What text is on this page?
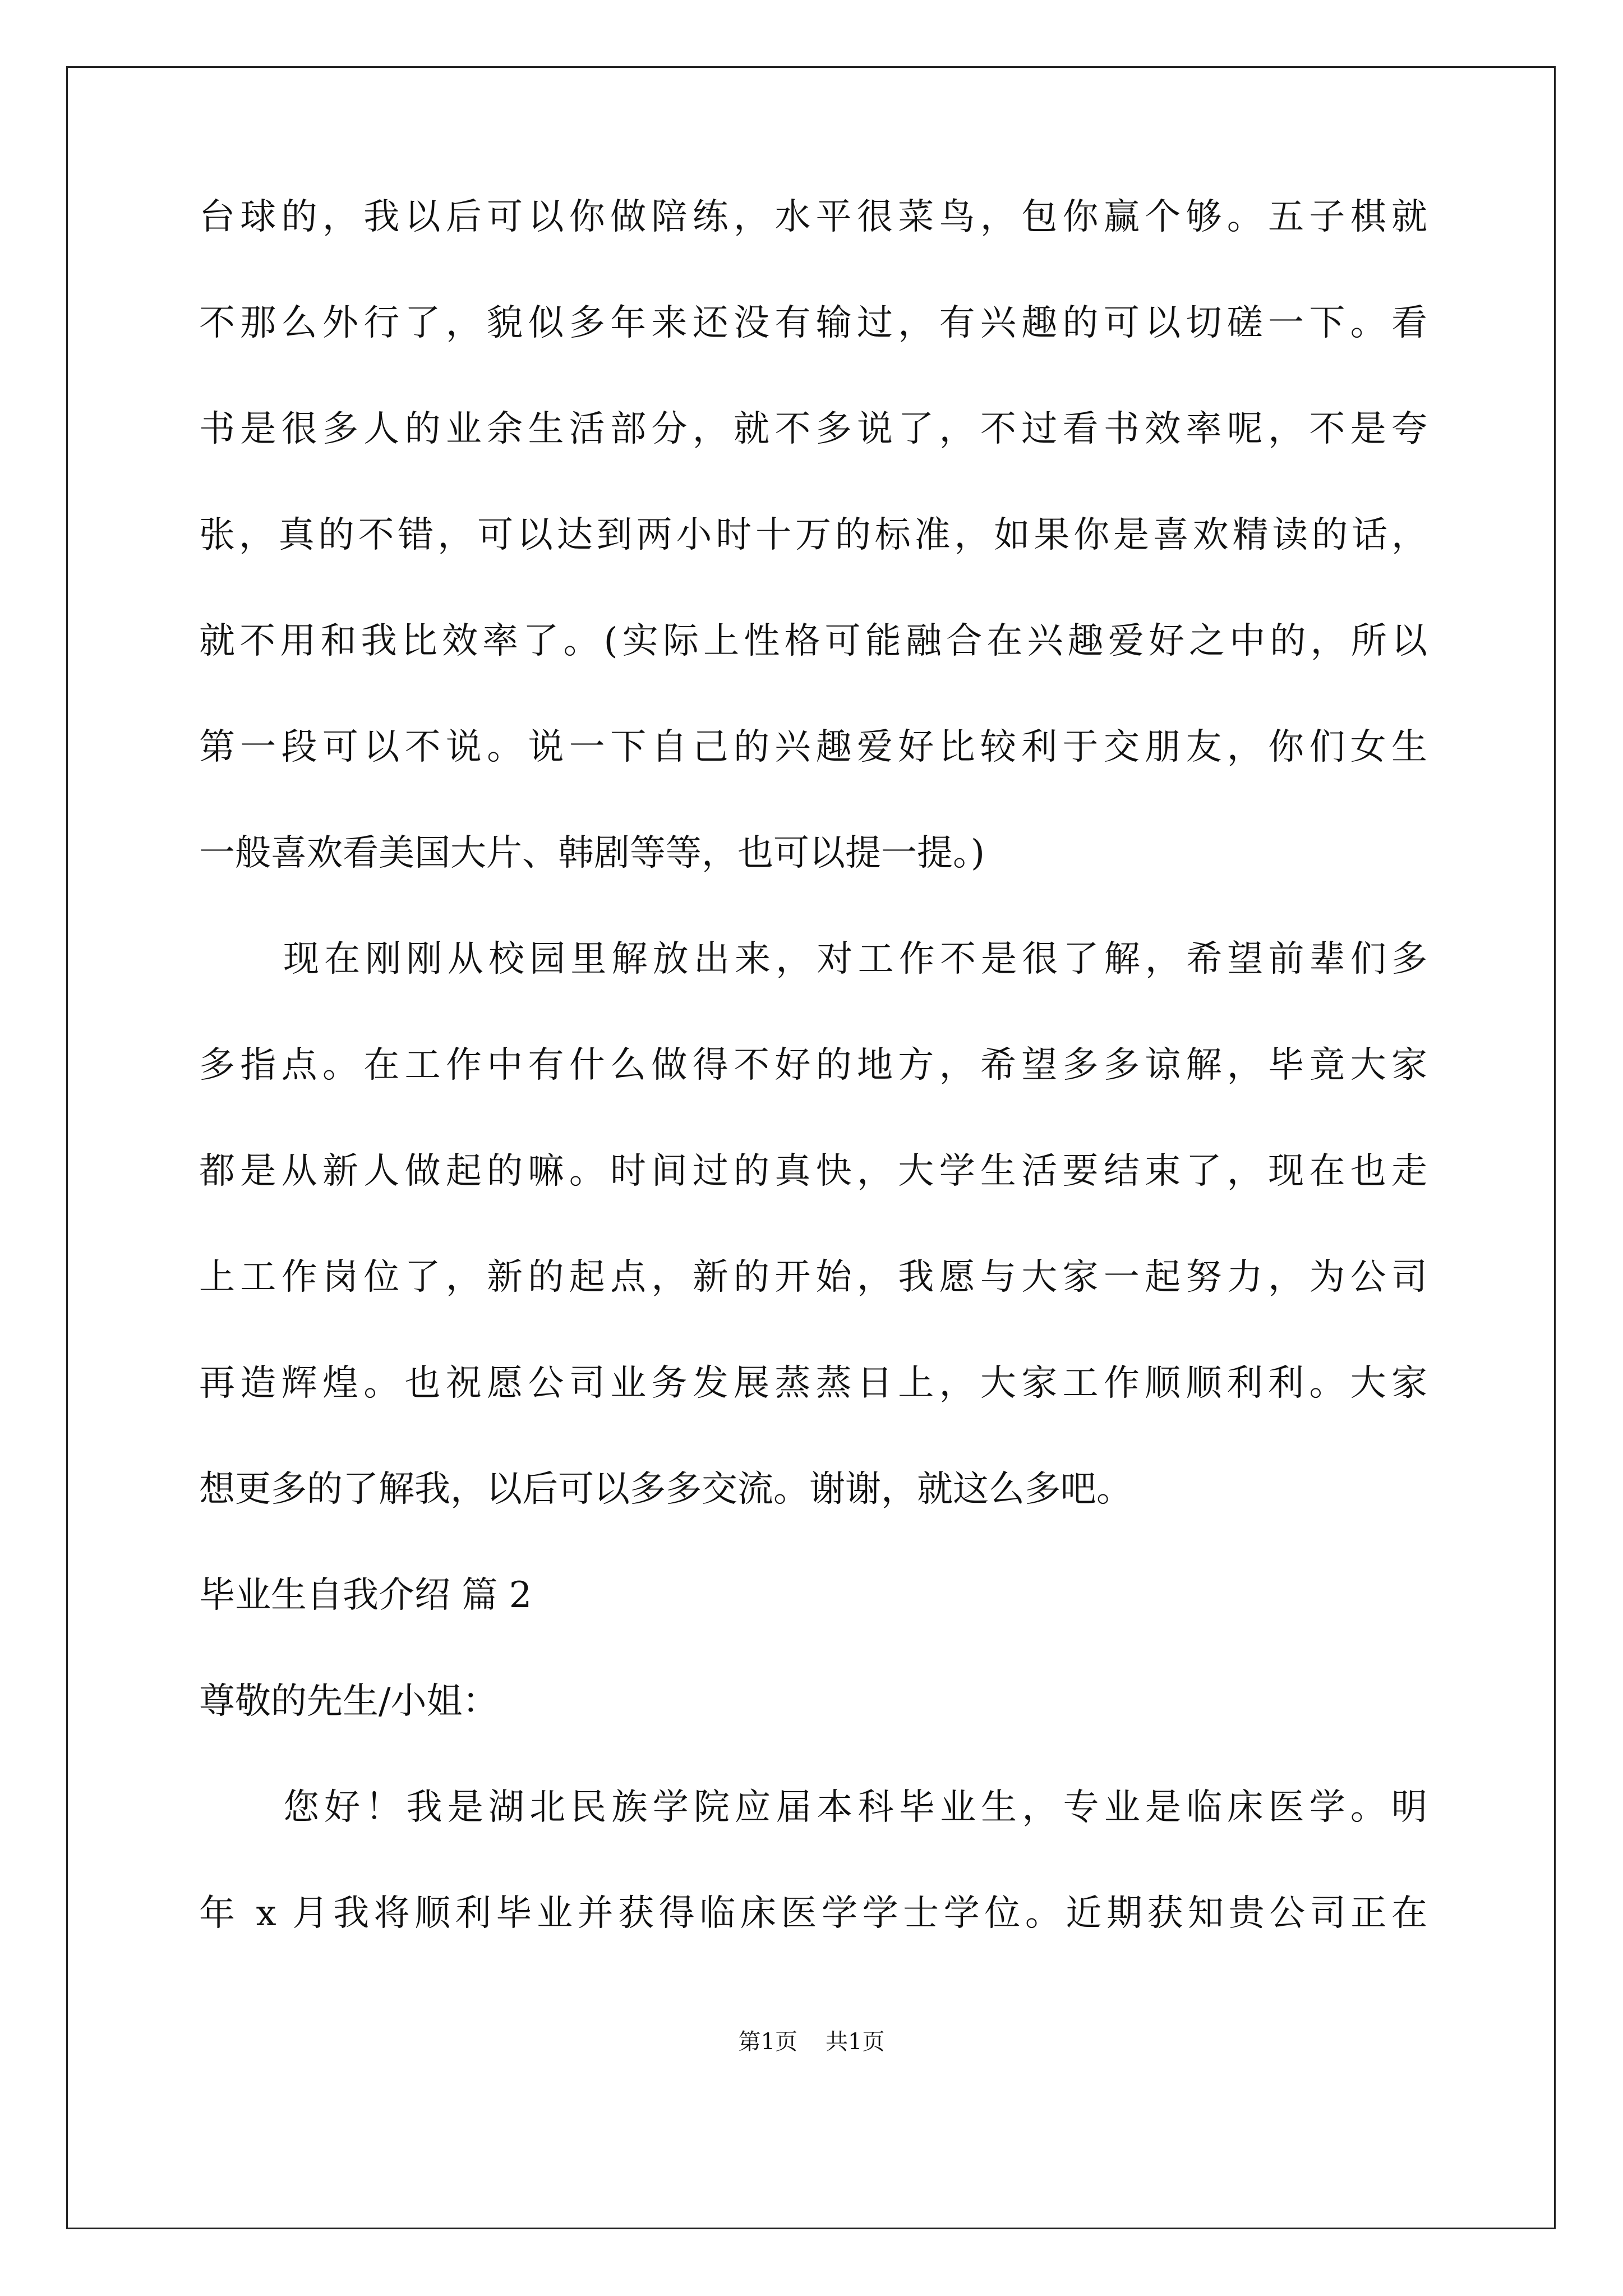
台球的，我以后可以你做陪练，水平很菜鸟，包你赢个够。五子棋就
不那么外行了，貌似多年来还没有输过，有兴趣的可以切磋一下。看
书是很多人的业余生活部分，就不多说了，不过看书效率呢，不是夸
张，真的不错，可以达到两小时十万的标准，如果你是喜欢精读的话，
就不用和我比效率了。(实际上性格可能融合在兴趣爱好之中的，所以
第一段可以不说。说一下自己的兴趣爱好比较利于交朋友，你们女生
一般喜欢看美国大片、韩剧等等，也可以提一提。)
现在刚刚从校园里解放出来，对工作不是很了解，希望前辈们多
多指点。在工作中有什么做得不好的地方，希望多多谅解，毕竟大家
都是从新人做起的嘛。时间过的真快，大学生活要结束了，现在也走
上工作岗位了，新的起点，新的开始，我愿与大家一起努力，为公司
再造辉煌。也祝愿公司业务发展蒸蒸日上，大家工作顺顺利利。大家
想更多的了解我，以后可以多多交流。谢谢，就这么多吧。
毕业生自我介绍 篇 2
尊敬的先生/小姐：
您好！我是湖北民族学院应届本科毕业生，专业是临床医学。明
年 x 月我将顺利毕业并获得临床医学学士学位。近期获知贵公司正在
第1页 共1页
